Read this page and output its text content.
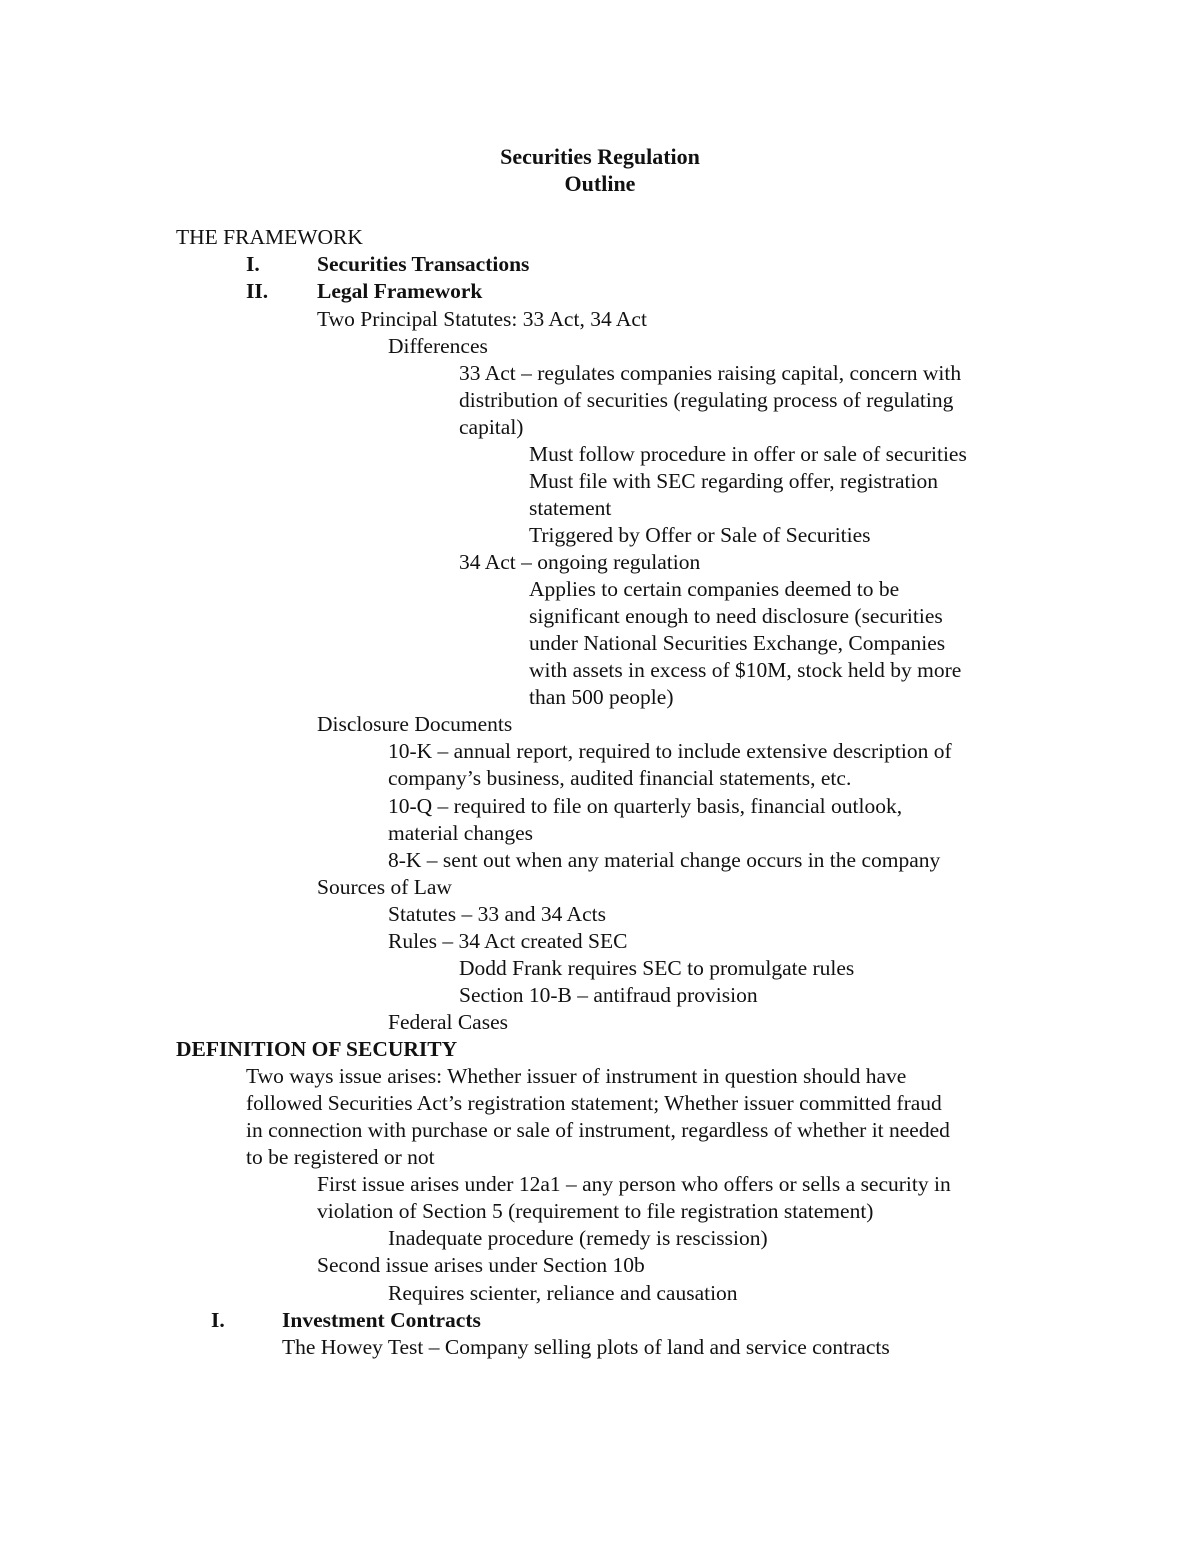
Securities Regulation
Outline
THE FRAMEWORK
I.	Securities Transactions
II. Legal Framework
Two Principal Statutes: 33 Act, 34 Act
Differences
33 Act – regulates companies raising capital, concern with
distribution of securities (regulating process of regulating
capital)
Must follow procedure in offer or sale of securities
Must file with SEC regarding offer, registration
statement
Triggered by Offer or Sale of Securities
34 Act – ongoing regulation
Applies to certain companies deemed to be
significant enough to need disclosure (securities
under National Securities Exchange, Companies
with assets in excess of $10M, stock held by more
than 500 people)
Disclosure Documents
10-K – annual report, required to include extensive description of
company’s business, audited financial statements, etc.
10-Q – required to file on quarterly basis, financial outlook,
material changes
8-K – sent out when any material change occurs in the company
Sources of Law
Statutes – 33 and 34 Acts
Rules – 34 Act created SEC
Dodd Frank requires SEC to promulgate rules
Section 10-B – antifraud provision
Federal Cases
DEFINITION OF SECURITY
Two ways issue arises: Whether issuer of instrument in question should have
followed Securities Act’s registration statement; Whether issuer committed fraud
in connection with purchase or sale of instrument, regardless of whether it needed
to be registered or not
First issue arises under 12a1 – any person who offers or sells a security in
violation of Section 5 (requirement to file registration statement)
Inadequate procedure (remedy is rescission)
Second issue arises under Section 10b
Requires scienter, reliance and causation
I.	Investment Contracts
The Howey Test – Company selling plots of land and service contracts
